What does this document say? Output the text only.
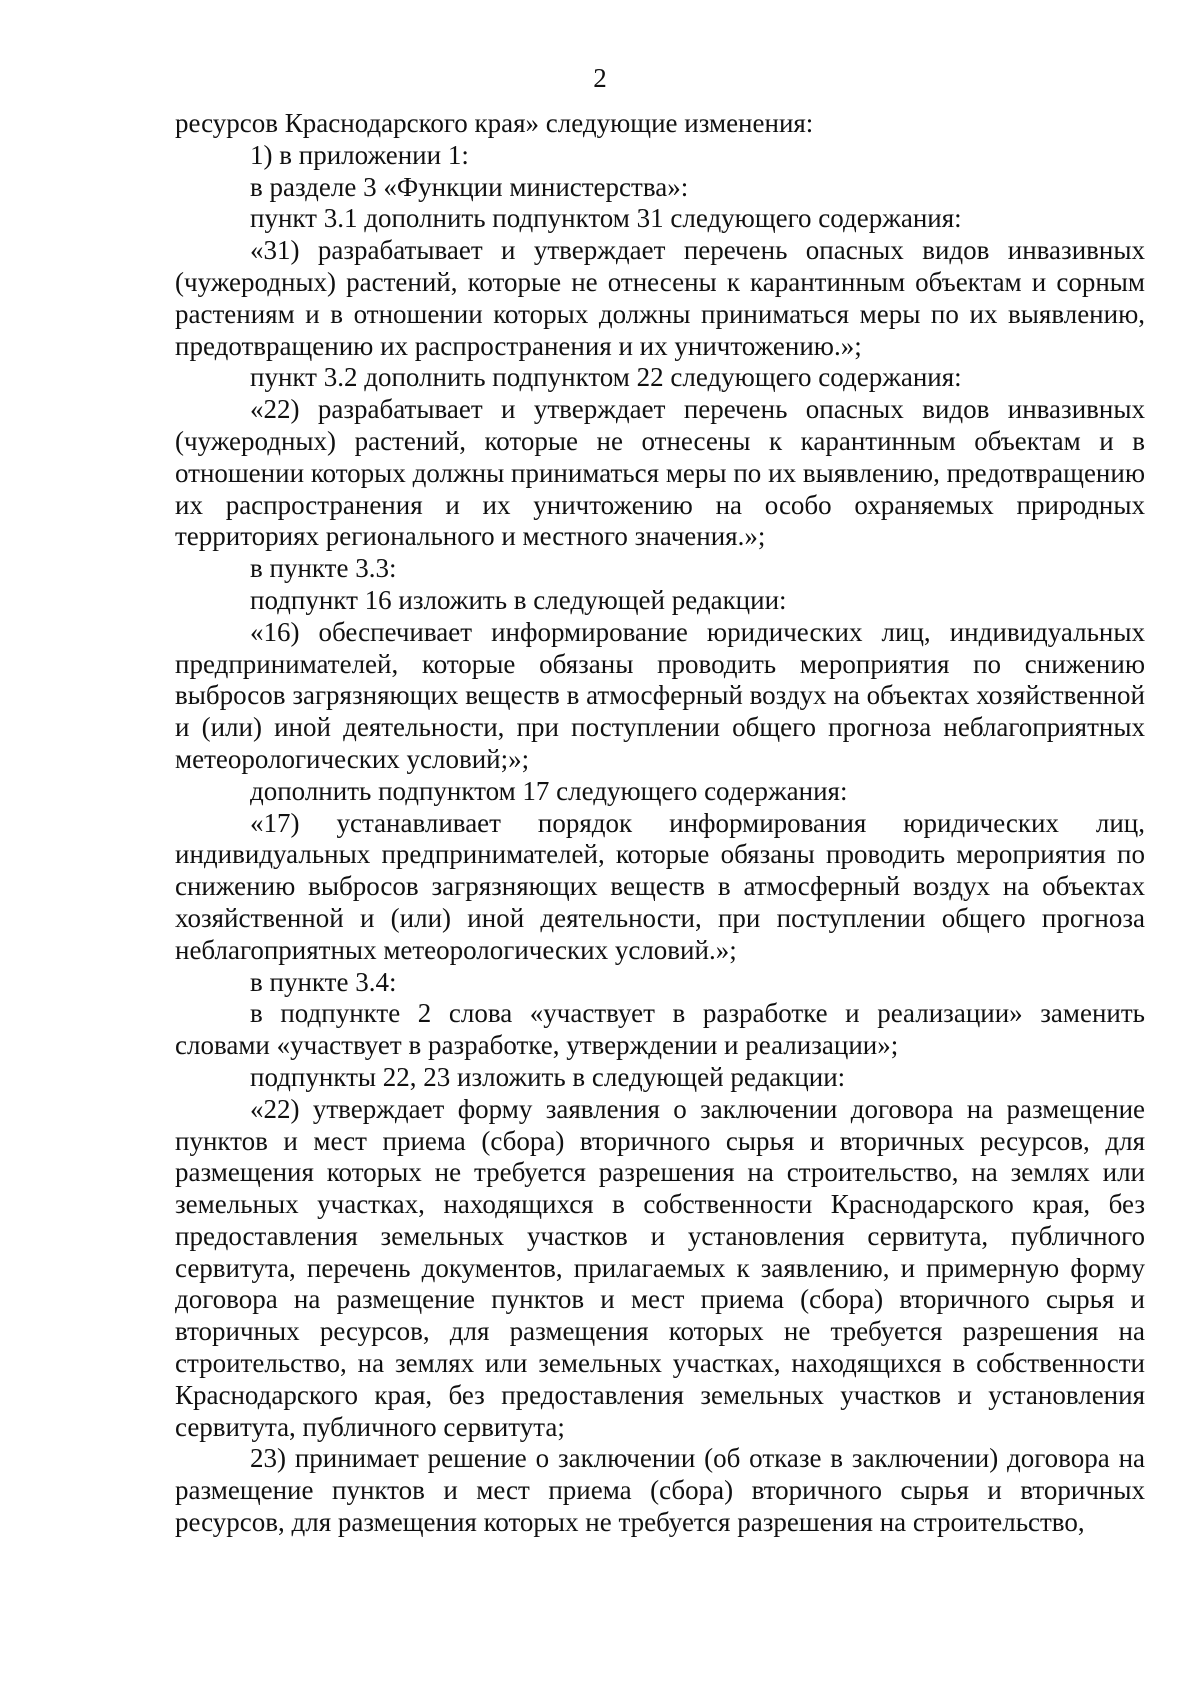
2

ресурсов Краснодарского края» следующие изменения:

1) в приложении 1:

в разделе 3 «Функции министерства»:

пункт 3.1 дополнить подпунктом 31 следующего содержания:

«31) разрабатывает и утверждает перечень опасных видов инвазивных (чужеродных) растений, которые не отнесены к карантинным объектам и сорным растениям и в отношении которых должны приниматься меры по их выявлению, предотвращению их распространения и их уничтожению.»;

пункт 3.2 дополнить подпунктом 22 следующего содержания:

«22) разрабатывает и утверждает перечень опасных видов инвазивных (чужеродных) растений, которые не отнесены к карантинным объектам и в отношении которых должны приниматься меры по их выявлению, предотвращению их распространения и их уничтожению на особо охраняемых природных территориях регионального и местного значения.»;

в пункте 3.3:

подпункт 16 изложить в следующей редакции:

«16) обеспечивает информирование юридических лиц, индивидуальных предпринимателей, которые обязаны проводить мероприятия по снижению выбросов загрязняющих веществ в атмосферный воздух на объектах хозяйственной и (или) иной деятельности, при поступлении общего прогноза неблагоприятных метеорологических условий;»;

дополнить подпунктом 17 следующего содержания:

«17) устанавливает порядок информирования юридических лиц, индивидуальных предпринимателей, которые обязаны проводить мероприятия по снижению выбросов загрязняющих веществ в атмосферный воздух на объектах хозяйственной и (или) иной деятельности, при поступлении общего прогноза неблагоприятных метеорологических условий.»;

в пункте 3.4:

в подпункте 2 слова «участвует в разработке и реализации» заменить словами «участвует в разработке, утверждении и реализации»;

подпункты 22, 23 изложить в следующей редакции:

«22) утверждает форму заявления о заключении договора на размещение пунктов и мест приема (сбора) вторичного сырья и вторичных ресурсов, для размещения которых не требуется разрешения на строительство, на землях или земельных участках, находящихся в собственности Краснодарского края, без предоставления земельных участков и установления сервитута, публичного сервитута, перечень документов, прилагаемых к заявлению, и примерную форму договора на размещение пунктов и мест приема (сбора) вторичного сырья и вторичных ресурсов, для размещения которых не требуется разрешения на строительство, на землях или земельных участках, находящихся в собственности Краснодарского края, без предоставления земельных участков и установления сервитута, публичного сервитута;

23) принимает решение о заключении (об отказе в заключении) договора на размещение пунктов и мест приема (сбора) вторичного сырья и вторичных ресурсов, для размещения которых не требуется разрешения на строительство,
